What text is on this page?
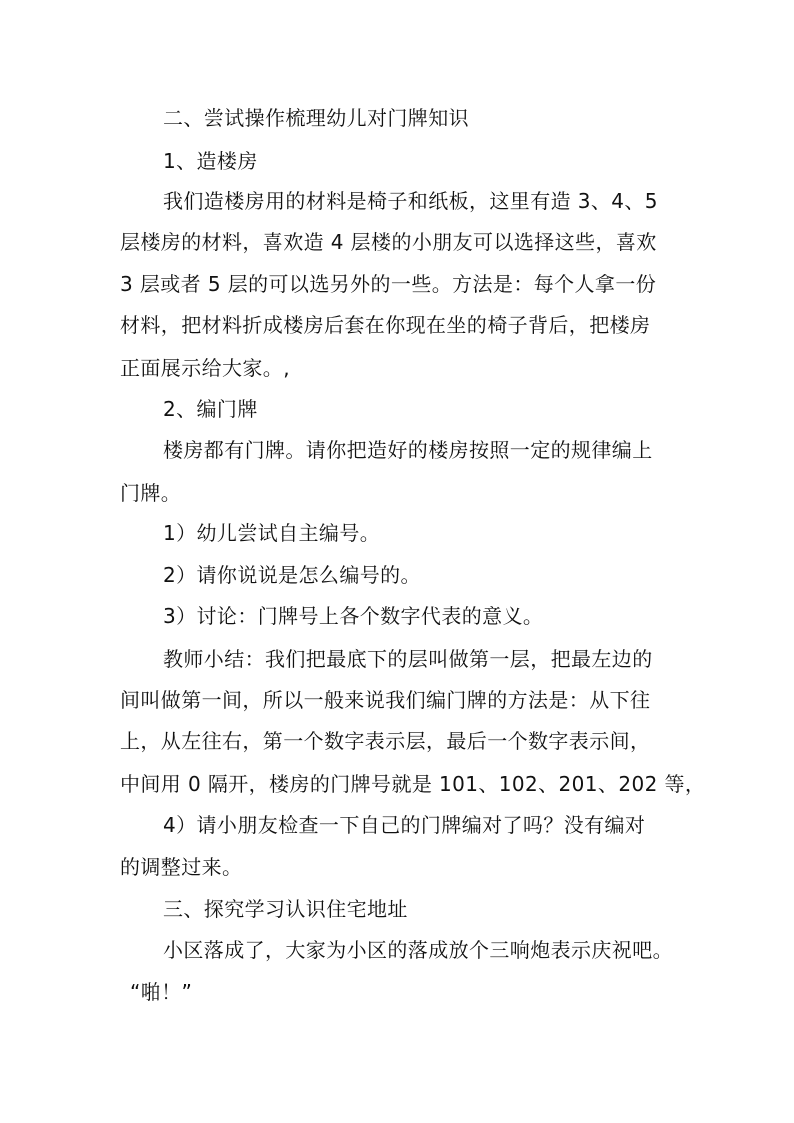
二、尝试操作梳理幼儿对门牌知识
1、造楼房
我们造楼房用的材料是椅子和纸板，这里有造 3、4、5
层楼房的材料，喜欢造 4 层楼的小朋友可以选择这些，喜欢
3 层或者 5 层的可以选另外的一些。方法是：每个人拿一份
材料，把材料折成楼房后套在你现在坐的椅子背后，把楼房
正面展示给大家。,
2、编门牌
楼房都有门牌。请你把造好的楼房按照一定的规律编上
门牌。
1）幼儿尝试自主编号。
2）请你说说是怎么编号的。
3）讨论：门牌号上各个数字代表的意义。
教师小结：我们把最底下的层叫做第一层，把最左边的
间叫做第一间，所以一般来说我们编门牌的方法是：从下往
上，从左往右，第一个数字表示层，最后一个数字表示间，
中间用 0 隔开，楼房的门牌号就是 101、102、201、202 等，
4）请小朋友检查一下自己的门牌编对了吗？没有编对
的调整过来。
三、探究学习认识住宅地址
小区落成了，大家为小区的落成放个三响炮表示庆祝吧。
“啪！”
